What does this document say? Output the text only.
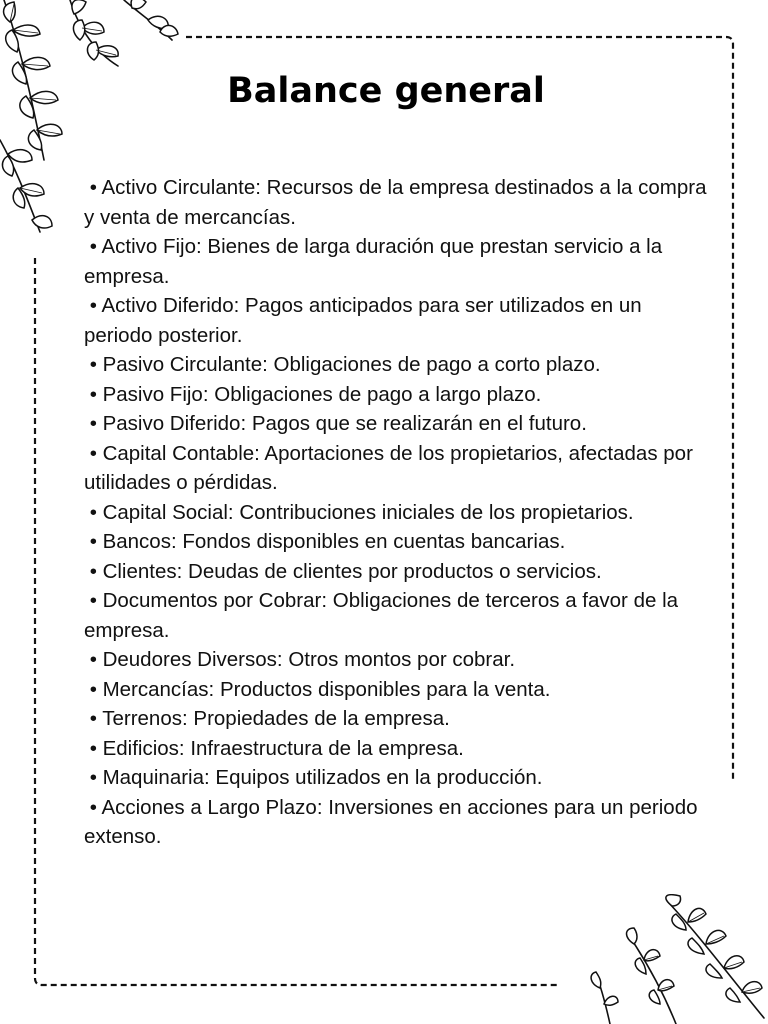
Balance general
• Activo Circulante: Recursos de la empresa destinados a la compra y venta de mercancías.
• Activo Fijo: Bienes de larga duración que prestan servicio a la empresa.
• Activo Diferido: Pagos anticipados para ser utilizados en un periodo posterior.
• Pasivo Circulante: Obligaciones de pago a corto plazo.
• Pasivo Fijo: Obligaciones de pago a largo plazo.
• Pasivo Diferido: Pagos que se realizarán en el futuro.
• Capital Contable: Aportaciones de los propietarios, afectadas por utilidades o pérdidas.
• Capital Social: Contribuciones iniciales de los propietarios.
• Bancos: Fondos disponibles en cuentas bancarias.
• Clientes: Deudas de clientes por productos o servicios.
• Documentos por Cobrar: Obligaciones de terceros a favor de la empresa.
• Deudores Diversos: Otros montos por cobrar.
• Mercancías: Productos disponibles para la venta.
• Terrenos: Propiedades de la empresa.
• Edificios: Infraestructura de la empresa.
• Maquinaria: Equipos utilizados en la producción.
• Acciones a Largo Plazo: Inversiones en acciones para un periodo extenso.
